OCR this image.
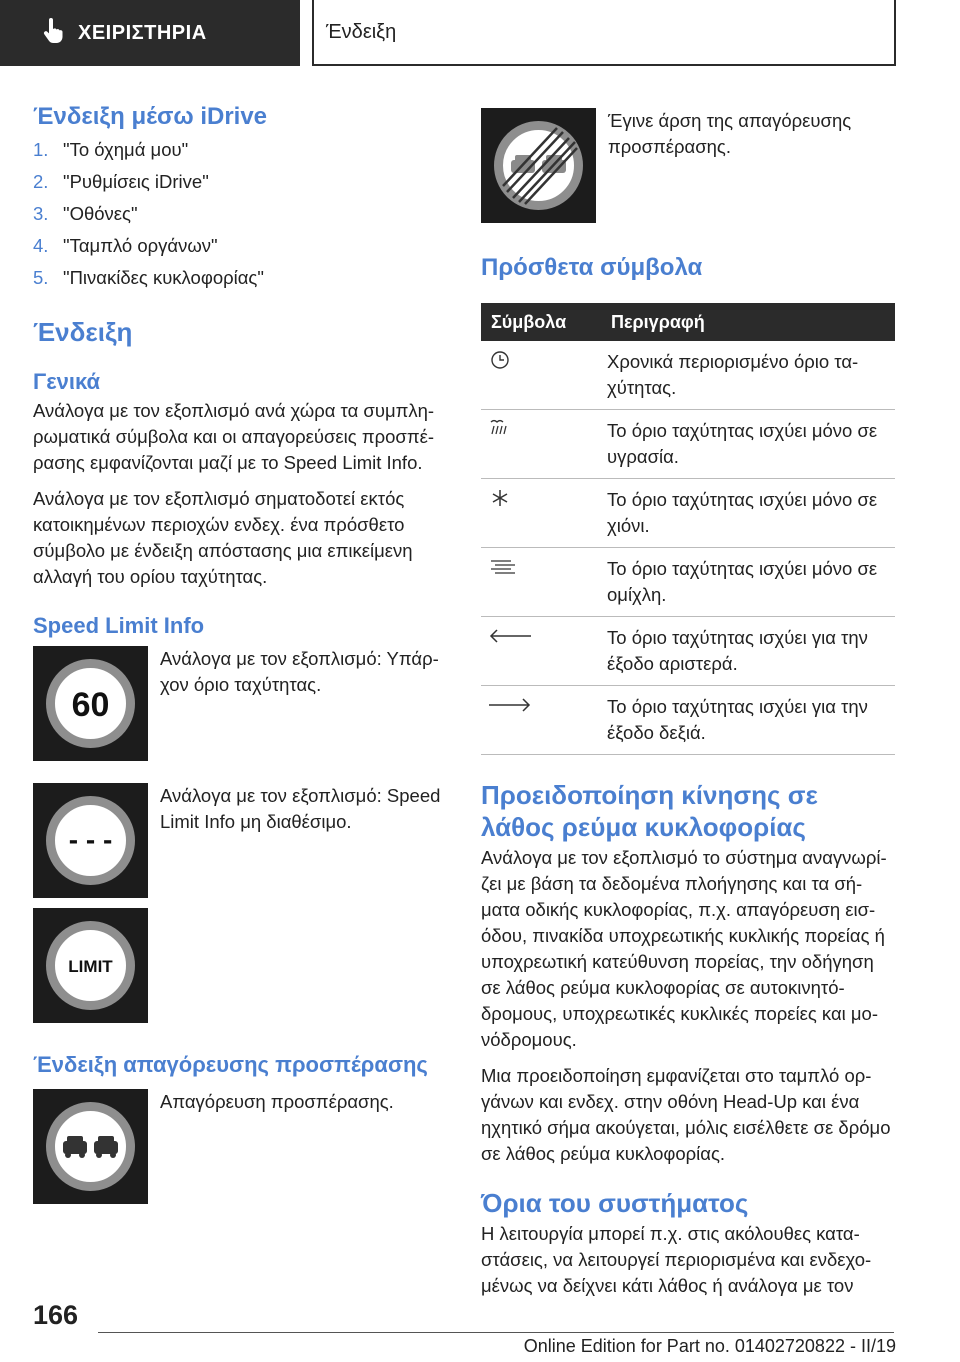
ΧΕΙΡΙΣΤΗΡΙΑ	Ένδειξη
Ένδειξη μέσω iDrive
1. "Το όχημά μου"
2. "Ρυθμίσεις iDrive"
3. "Οθόνες"
4. "Ταμπλό οργάνων"
5. "Πινακίδες κυκλοφορίας"
Ένδειξη
Γενικά

Ανάλογα με τον εξοπλισμό ανά χώρα τα συμπλη-ρωματικά σύμβολα και οι απαγορεύσεις προσπέ-ρασης εμφανίζονται μαζί με το Speed Limit Info.

Ανάλογα με τον εξοπλισμό σηματοδοτεί εκτός κατοικημένων περιοχών ενδεχ. ένα πρόσθετο σύμβολο με ένδειξη απόστασης μια επικείμενη αλλαγή του ορίου ταχύτητας.

Speed Limit Info
60
Ανάλογα με τον εξοπλισμό: Υπάρ-χον όριο ταχύτητας.
- - -
Ανάλογα με τον εξοπλισμό: Speed Limit Info μη διαθέσιμο.
LIMIT
Ένδειξη απαγόρευσης προσπέρασης
Απαγόρευση προσπέρασης.
Έγινε άρση της απαγόρευσης προσπέρασης.
Πρόσθετα σύμβολα
Σύμβολα	Περιγραφή
	Χρονικά περιορισμένο όριο τα-χύτητας.
	Το όριο ταχύτητας ισχύει μόνο σε υγρασία.
	Το όριο ταχύτητας ισχύει μόνο σε χιόνι.
	Το όριο ταχύτητας ισχύει μόνο σε ομίχλη.
	Το όριο ταχύτητας ισχύει για την έξοδο αριστερά.
	Το όριο ταχύτητας ισχύει για την έξοδο δεξιά.
Προειδοποίηση κίνησης σε λάθος ρεύμα κυκλοφορίας

Ανάλογα με τον εξοπλισμό το σύστημα αναγνωρί-ζει με βάση τα δεδομένα πλοήγησης και τα σή-ματα οδικής κυκλοφορίας, π.χ. απαγόρευση εισ-όδου, πινακίδα υποχρεωτικής κυκλικής πορείας ή υποχρεωτική κατεύθυνση πορείας, την οδήγηση σε λάθος ρεύμα κυκλοφορίας σε αυτοκινητό-δρομους, υποχρεωτικές κυκλικές πορείες και μο-νόδρομους.

Μια προειδοποίηση εμφανίζεται στο ταμπλό ορ-γάνων και ενδεχ. στην οθόνη Head-Up και ένα ηχητικό σήμα ακούγεται, μόλις εισέλθετε σε δρόμο σε λάθος ρεύμα κυκλοφορίας.

Όρια του συστήματος

Η λειτουργία μπορεί π.χ. στις ακόλουθες κατα-στάσεις, να λειτουργεί περιορισμένα και ενδεχο-μένως να δείχνει κάτι λάθος ή ανάλογα με τον

166
Online Edition for Part no. 01402720822 - II/19
